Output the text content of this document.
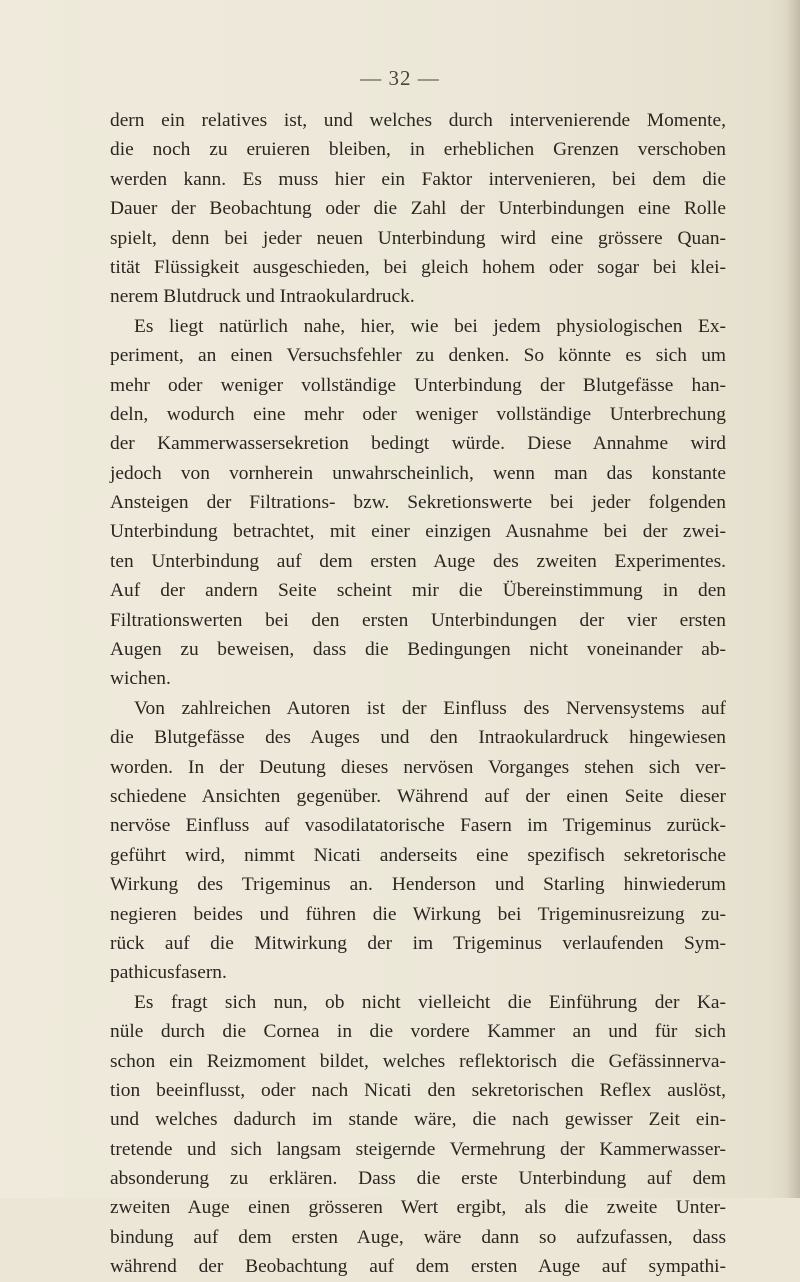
— 32 —
dern ein relatives ist, und welches durch intervenierende Momente,
die noch zu eruieren bleiben, in erheblichen Grenzen verschoben
werden kann. Es muss hier ein Faktor intervenieren, bei dem die
Dauer der Beobachtung oder die Zahl der Unterbindungen eine Rolle
spielt, denn bei jeder neuen Unterbindung wird eine grössere Quan-
tität Flüssigkeit ausgeschieden, bei gleich hohem oder sogar bei klei-
nerem Blutdruck und Intraokulardruck.
Es liegt natürlich nahe, hier, wie bei jedem physiologischen Ex-
periment, an einen Versuchsfehler zu denken. So könnte es sich um
mehr oder weniger vollständige Unterbindung der Blutgefässe han-
deln, wodurch eine mehr oder weniger vollständige Unterbrechung
der Kammerwassersekretion bedingt würde. Diese Annahme wird
jedoch von vornherein unwahrscheinlich, wenn man das konstante
Ansteigen der Filtrations- bzw. Sekretionswerte bei jeder folgenden
Unterbindung betrachtet, mit einer einzigen Ausnahme bei der zwei-
ten Unterbindung auf dem ersten Auge des zweiten Experimentes.
Auf der andern Seite scheint mir die Übereinstimmung in den
Filtrationswerten bei den ersten Unterbindungen der vier ersten
Augen zu beweisen, dass die Bedingungen nicht voneinander ab-
wichen.
Von zahlreichen Autoren ist der Einfluss des Nervensystems auf
die Blutgefässe des Auges und den Intraokulardruck hingewiesen
worden. In der Deutung dieses nervösen Vorganges stehen sich ver-
schiedene Ansichten gegenüber. Während auf der einen Seite dieser
nervöse Einfluss auf vasodilatatorische Fasern im Trigeminus zurück-
geführt wird, nimmt Nicati anderseits eine spezifisch sekretorische
Wirkung des Trigeminus an. Henderson und Starling hinwiederum
negieren beides und führen die Wirkung bei Trigeminusreizung zu-
rück auf die Mitwirkung der im Trigeminus verlaufenden Sym-
pathicusfasern.
Es fragt sich nun, ob nicht vielleicht die Einführung der Ka-
nüle durch die Cornea in die vordere Kammer an und für sich
schon ein Reizmoment bildet, welches reflektorisch die Gefässinnerva-
tion beeinflusst, oder nach Nicati den sekretorischen Reflex auslöst,
und welches dadurch im stande wäre, die nach gewisser Zeit ein-
tretende und sich langsam steigernde Vermehrung der Kammerwasser-
absonderung zu erklären. Dass die erste Unterbindung auf dem
zweiten Auge einen grösseren Wert ergibt, als die zweite Unter-
bindung auf dem ersten Auge, wäre dann so aufzufassen, dass
während der Beobachtung auf dem ersten Auge auf sympathi-
